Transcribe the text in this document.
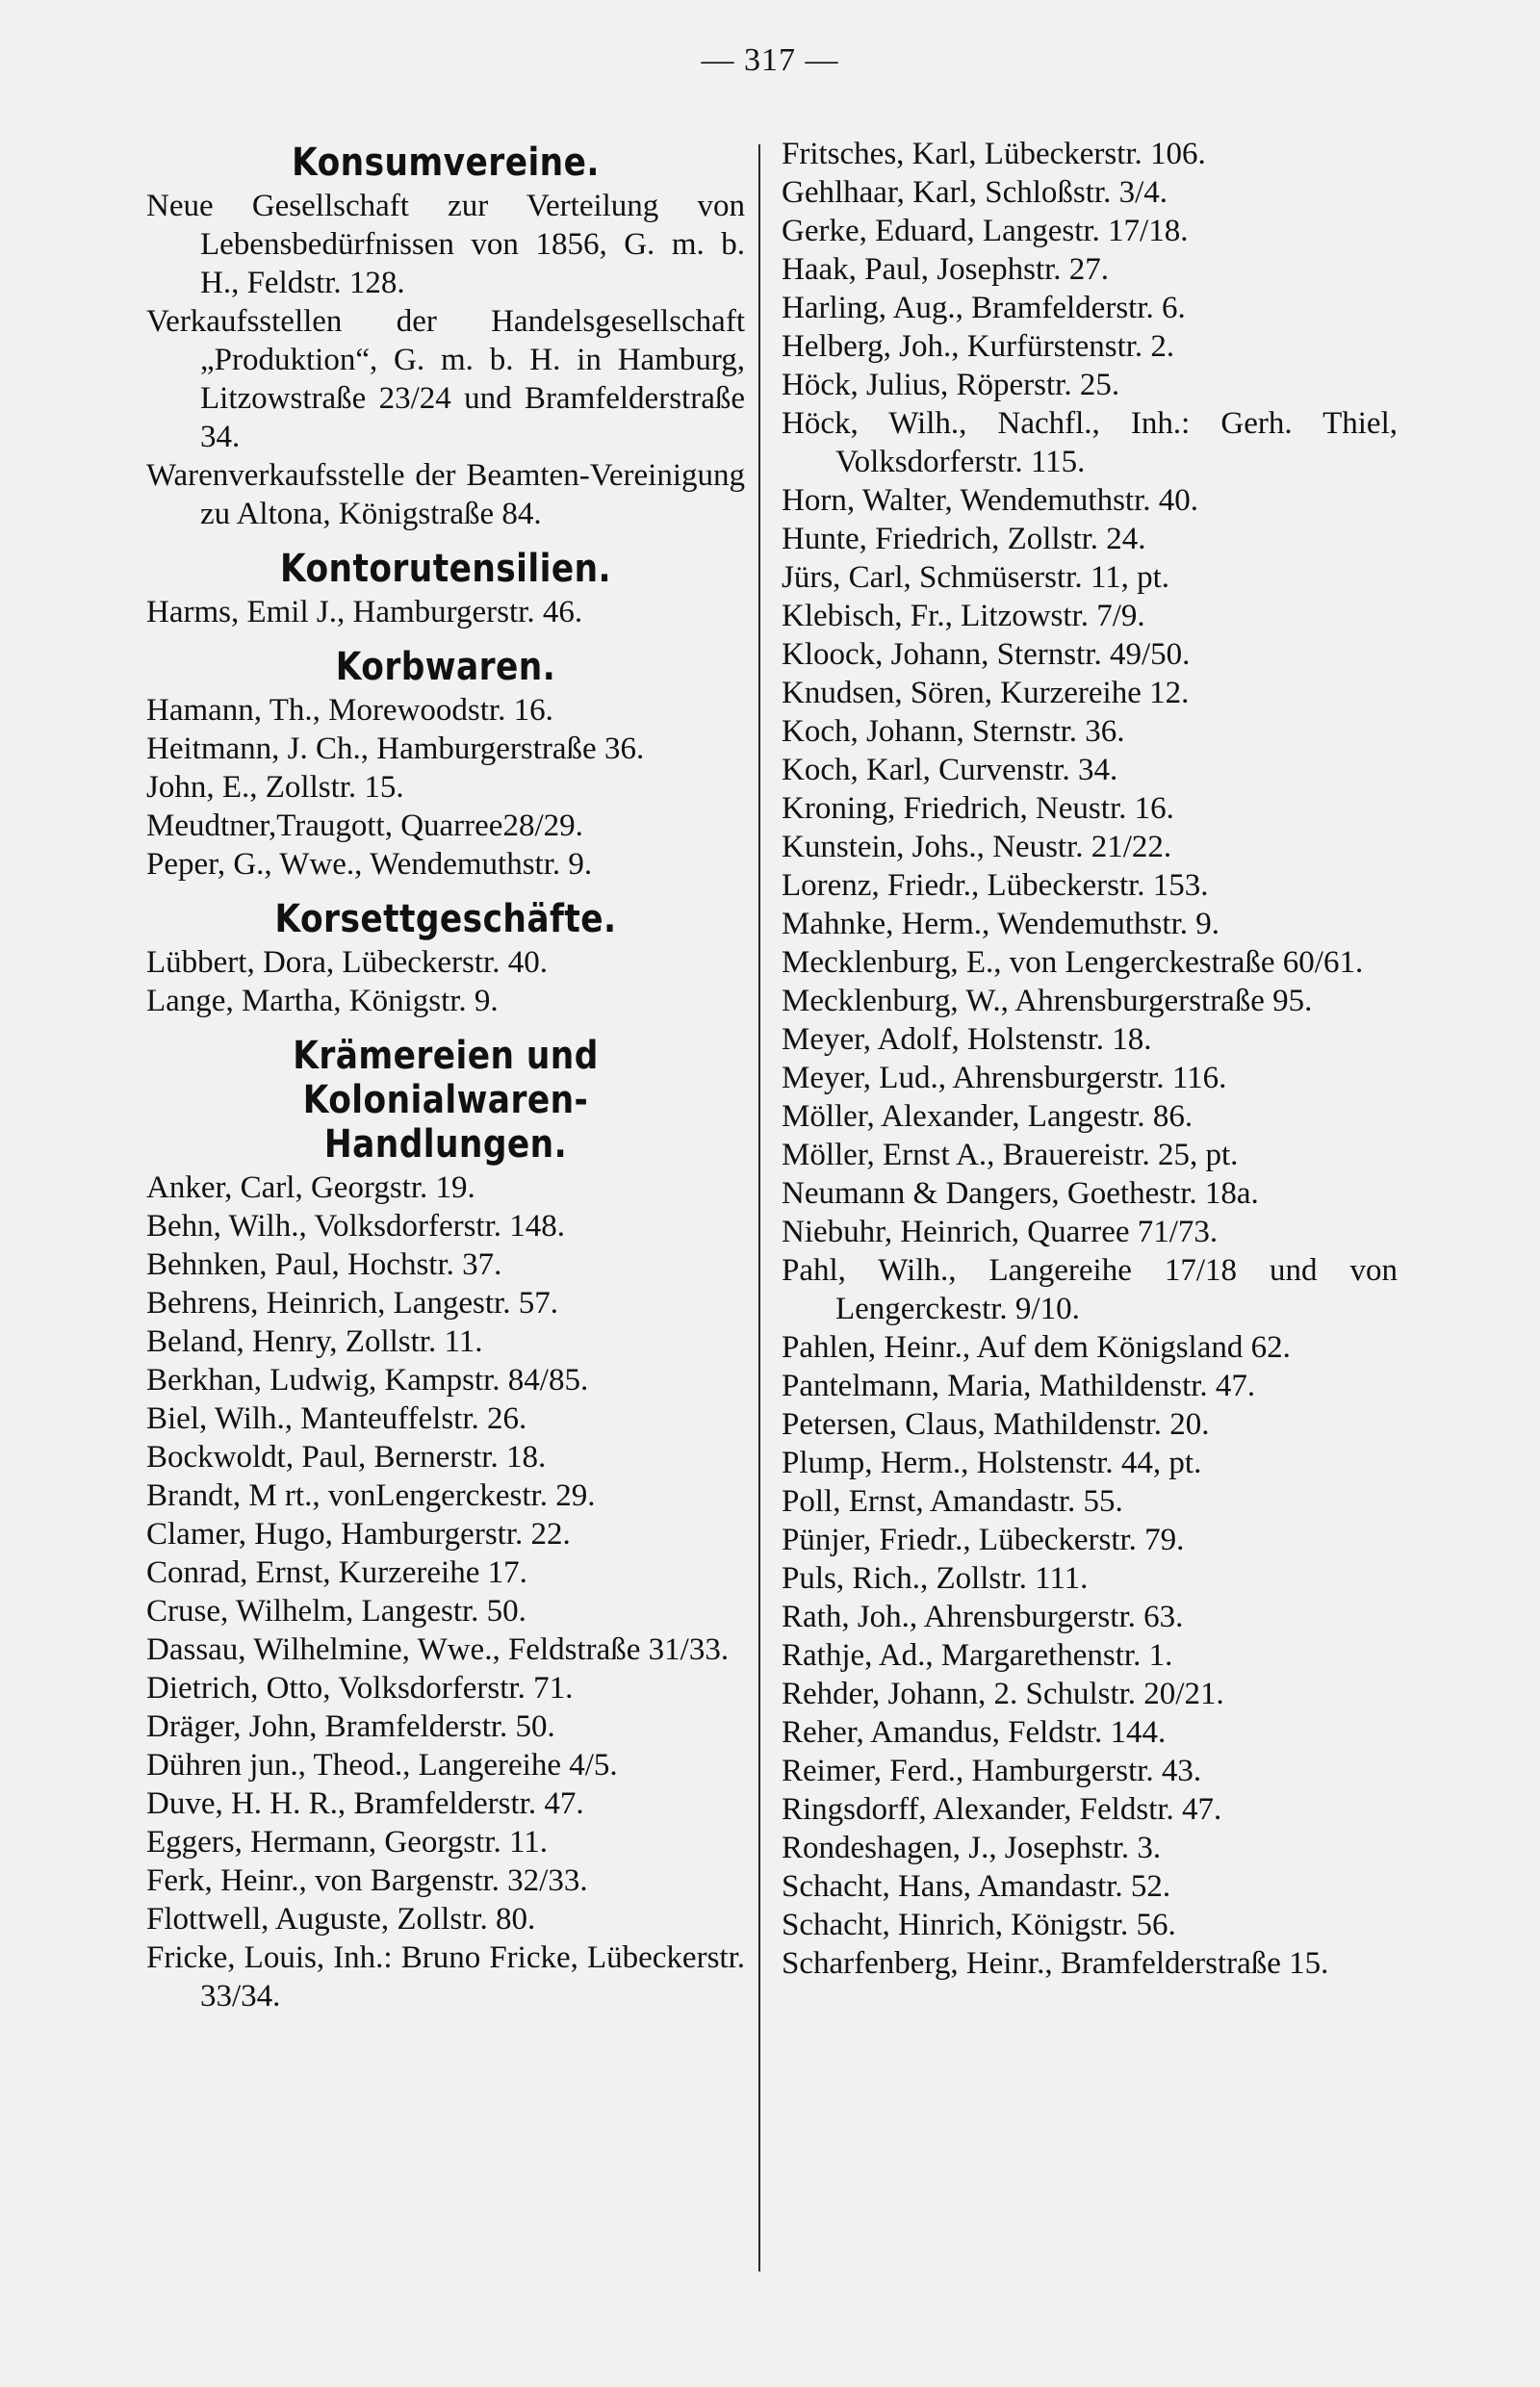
— 317 —
Konsumvereine.
Neue Gesellschaft zur Verteilung von Lebensbedürfnissen von 1856, G. m. b. H., Feldstr. 128.
Verkaufsstellen der Handelsgesellschaft „Produktion“, G. m. b. H. in Hamburg, Litzowstraße 23/24 und Bramfelderstraße 34.
Warenverkaufsstelle der Beamten-Vereinigung zu Altona, Königstraße 84.
Kontorutensilien.
Harms, Emil J., Hamburgerstr. 46.
Korbwaren.
Hamann, Th., Morewoodstr. 16.
Heitmann, J. Ch., Hamburgerstraße 36.
John, E., Zollstr. 15.
Meudtner,Traugott, Quarree28/29.
Peper, G., Wwe., Wendemuthstr. 9.
Korsettgeschäfte.
Lübbert, Dora, Lübeckerstr. 40.
Lange, Martha, Königstr. 9.
Krämereien und Kolonialwaren-Handlungen.
Anker, Carl, Georgstr. 19.
Behn, Wilh., Volksdorferstr. 148.
Behnken, Paul, Hochstr. 37.
Behrens, Heinrich, Langestr. 57.
Beland, Henry, Zollstr. 11.
Berkhan, Ludwig, Kampstr. 84/85.
Biel, Wilh., Manteuffelstr. 26.
Bockwoldt, Paul, Bernerstr. 18.
Brandt, M rt., vonLengerckestr. 29.
Clamer, Hugo, Hamburgerstr. 22.
Conrad, Ernst, Kurzereihe 17.
Cruse, Wilhelm, Langestr. 50.
Dassau, Wilhelmine, Wwe., Feldstraße 31/33.
Dietrich, Otto, Volksdorferstr. 71.
Dräger, John, Bramfelderstr. 50.
Dühren jun., Theod., Langereihe 4/5.
Duve, H. H. R., Bramfelderstr. 47.
Eggers, Hermann, Georgstr. 11.
Ferk, Heinr., von Bargenstr. 32/33.
Flottwell, Auguste, Zollstr. 80.
Fricke, Louis, Inh.: Bruno Fricke, Lübeckerstr. 33/34.
Fritsches, Karl, Lübeckerstr. 106.
Gehlhaar, Karl, Schloßstr. 3/4.
Gerke, Eduard, Langestr. 17/18.
Haak, Paul, Josephstr. 27.
Harling, Aug., Bramfelderstr. 6.
Helberg, Joh., Kurfürstenstr. 2.
Höck, Julius, Röperstr. 25.
Höck, Wilh., Nachfl., Inh.: Gerh. Thiel, Volksdorferstr. 115.
Horn, Walter, Wendemuthstr. 40.
Hunte, Friedrich, Zollstr. 24.
Jürs, Carl, Schmüserstr. 11, pt.
Klebisch, Fr., Litzowstr. 7/9.
Kloock, Johann, Sternstr. 49/50.
Knudsen, Sören, Kurzereihe 12.
Koch, Johann, Sternstr. 36.
Koch, Karl, Curvenstr. 34.
Kroning, Friedrich, Neustr. 16.
Kunstein, Johs., Neustr. 21/22.
Lorenz, Friedr., Lübeckerstr. 153.
Mahnke, Herm., Wendemuthstr. 9.
Mecklenburg, E., von Lengerckestraße 60/61.
Mecklenburg, W., Ahrensburgerstraße 95.
Meyer, Adolf, Holstenstr. 18.
Meyer, Lud., Ahrensburgerstr. 116.
Möller, Alexander, Langestr. 86.
Möller, Ernst A., Brauereistr. 25, pt.
Neumann & Dangers, Goethestr. 18a.
Niebuhr, Heinrich, Quarree 71/73.
Pahl, Wilh., Langereihe 17/18 und von Lengerckestr. 9/10.
Pahlen, Heinr., Auf dem Königsland 62.
Pantelmann, Maria, Mathildenstr. 47.
Petersen, Claus, Mathildenstr. 20.
Plump, Herm., Holstenstr. 44, pt.
Poll, Ernst, Amandastr. 55.
Pünjer, Friedr., Lübeckerstr. 79.
Puls, Rich., Zollstr. 111.
Rath, Joh., Ahrensburgerstr. 63.
Rathje, Ad., Margarethenstr. 1.
Rehder, Johann, 2. Schulstr. 20/21.
Reher, Amandus, Feldstr. 144.
Reimer, Ferd., Hamburgerstr. 43.
Ringsdorff, Alexander, Feldstr. 47.
Rondeshagen, J., Josephstr. 3.
Schacht, Hans, Amandastr. 52.
Schacht, Hinrich, Königstr. 56.
Scharfenberg, Heinr., Bramfelderstraße 15.
